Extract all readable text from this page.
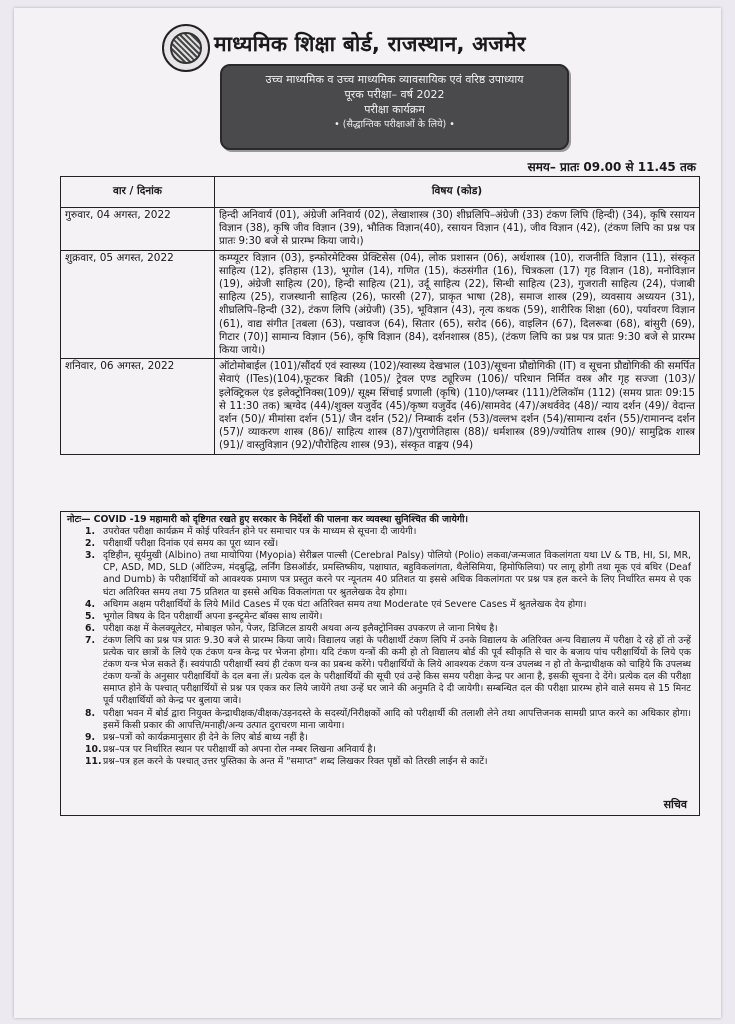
माध्यमिक शिक्षा बोर्ड, राजस्थान, अजमेर
उच्च माध्यमिक व उच्च माध्यमिक व्यावसायिक एवं वरिष्ठ उपाध्याय
पूरक परीक्षा– वर्ष 2022
परीक्षा कार्यक्रम
• (सैद्धान्तिक परीक्षाओं के लिये) •
समय– प्रातः 09.00 से 11.45 तक
वार / दिनांक	विषय (कोड)
गुरुवार, 04 अगस्त, 2022	हिन्दी अनिवार्य (01), अंग्रेजी अनिवार्य (02), लेखाशास्त्र (30) शीघ्रलिपि–अंग्रेजी (33) टंकण लिपि (हिन्दी) (34), कृषि रसायन विज्ञान (38), कृषि जीव विज्ञान (39), भौतिक विज्ञान(40), रसायन विज्ञान (41), जीव विज्ञान (42), (टंकण लिपि का प्रश्न पत्र प्रातः 9:30 बजे से प्रारम्भ किया जाये।)
शुक्रवार, 05 अगस्त, 2022	कम्प्यूटर विज्ञान (03), इन्फोरमेटिक्स प्रेक्टिसेस (04), लोक प्रशासन (06), अर्थशास्त्र (10), राजनीति विज्ञान (11), संस्कृत साहित्य (12), इतिहास (13), भूगोल (14), गणित (15), कंठसंगीत (16), चित्रकला (17) गृह विज्ञान (18), मनोविज्ञान (19), अंग्रेजी साहित्य (20), हिन्दी साहित्य (21), उर्दू साहित्य (22), सिन्धी साहित्य (23), गुजराती साहित्य (24), पंजाबी साहित्य (25), राजस्थानी साहित्य (26), फारसी (27), प्राकृत भाषा (28), समाज शास्त्र (29), व्यवसाय अध्ययन (31), शीघ्रलिपि–हिन्दी (32), टंकण लिपि (अंग्रेजी) (35), भूविज्ञान (43), नृत्य कथक (59), शारीरिक शिक्षा (60), पर्यावरण विज्ञान (61), वाद्य संगीत [तबला (63), पखावज (64), सितार (65), सरोद (66), वाइलिन (67), दिलरूबा (68), बांसुरी (69), गिटार (70)] सामान्य विज्ञान (56), कृषि विज्ञान (84), दर्शनशास्त्र (85), (टंकण लिपि का प्रश्न पत्र प्रातः 9:30 बजे से प्रारम्भ किया जाये।)
शनिवार, 06 अगस्त, 2022	ऑटोमोबाईल (101)/सौंदर्य एवं स्वास्थ्य (102)/स्वास्थ्य देखभाल (103)/सूचना प्रौद्योगिकी (IT) व सूचना प्रौद्योगिकी की समर्पित सेवाएं (ITes)(104),फूटकर बिक्री (105)/ ट्रेवल एण्ड ट्यूरिज्म (106)/ परिधान निर्मित वस्त्र और गृह सज्जा (103)/इलेक्ट्रिकल एंड इलेक्ट्रोनिक्स(109)/ सूक्ष्म सिंचाई प्रणाली (कृषि) (110)/प्लम्बर (111)/टेलिकॉम (112) (समय प्रातः 09:15 से 11:30 तक) ऋग्वेद (44)/शुक्ल यजुर्वेद (45)/कृष्ण यजुर्वेद (46)/सामवेद (47)/अथर्ववेद (48)/ न्याय दर्शन (49)/ वेदान्त दर्शन (50)/ मीमांसा दर्शन (51)/ जैन दर्शन (52)/ निम्बार्क दर्शन (53)/वल्लभ दर्शन (54)/सामान्य दर्शन (55)/रामानन्द दर्शन (57)/ व्याकरण शास्त्र (86)/ साहित्य शास्त्र (87)/पुराणेतिहास (88)/ धर्मशास्त्र (89)/ज्योतिष शास्त्र (90)/ सामुद्रिक शास्त्र (91)/ वास्तुविज्ञान (92)/पौरोहित्य शास्त्र (93), संस्कृत वाङ्मय (94)
नोटः— COVID -19 महामारी को दृष्टिगत रखते हुए सरकार के निर्देशों की पालना कर व्यवस्था सुनिश्चित की जायेगी।
1. उपरोक्त परीक्षा कार्यक्रम में कोई परिवर्तन होने पर समाचार पत्र के माध्यम से सूचना दी जायेगी।
2. परीक्षार्थी परीक्षा दिनांक एवं समय का पूरा ध्यान रखें।
3. दृष्टिहीन, सूर्यमुखी (Albino) तथा मायोपिया (Myopia) सेरीब्रल पाल्सी (Cerebral Palsy) पोलियो (Polio) लकवा/जन्मजात विकलांगता यथा LV & TB, HI, SI, MR, CP, ASD, MD, SLD (ऑटिज्म, मंदबुद्धि, लर्निंग डिसऑर्डर, प्रमस्तिष्कीय, पक्षाघात, बहुविकलांगता, थैलेसिमिया, हिमोफिलिया) पर लागू होगी तथा मूक एवं बधिर (Deaf and Dumb) के परीक्षार्थियों को आवश्यक प्रमाण पत्र प्रस्तुत करने पर न्यूनतम 40 प्रतिशत या इससे अधिक विकलांगता पर प्रश्न पत्र हल करने के लिए निर्धारित समय से एक घंटा अतिरिक्त समय तथा 75 प्रतिशत या इससे अधिक विकलांगता पर श्रुतलेखक देय होगा।
4. अधिगम अक्षम परीक्षार्थियों के लिये Mild Cases में एक घंटा अतिरिक्त समय तथा Moderate एवं Severe Cases में श्रुतलेखक देय होगा।
5. भूगोल विषय के दिन परीक्षार्थी अपना इन्स्ट्रूमेन्ट बॉक्स साथ लायेंगे।
6. परीक्षा कक्ष में केलक्यूलेटर, मोबाइल फोन, पेजर, डिजिटल डायरी अथवा अन्य इलैक्ट्रोनिक्स उपकरण ले जाना निषेध है।
7. टंकण लिपि का प्रश्न पत्र प्रातः 9.30 बजे से प्रारम्भ किया जाये। विद्यालय जहां के परीक्षार्थी टंकण लिपि में उनके विद्यालय के अतिरिक्त अन्य विद्यालय में परीक्षा दे रहे हों तो उन्हें प्रत्येक चार छात्रों के लिये एक टंकण यन्त्र केन्द्र पर भेजना होगा। यदि टंकण यन्त्रों की कमी हो तो विद्यालय बोर्ड की पूर्व स्वीकृति से चार के बजाय पांच परीक्षार्थियों के लिये एक टंकण यन्त्र भेज सकते हैं। स्वयंपाठी परीक्षार्थी स्वयं ही टंकण यन्त्र का प्रबन्ध करेंगे। परीक्षार्थियों के लिये आवश्यक टंकण यन्त्र उपलब्ध न हो तो केन्द्राधीक्षक को चाहिये कि उपलब्ध टंकण यन्त्रों के अनुसार परीक्षार्थियों के दल बना लें। प्रत्येक दल के परीक्षार्थियों की सूची एवं उन्हे किस समय परीक्षा केन्द्र पर आना है, इसकी सूचना दे देंगे। प्रत्येक दल की परीक्षा समाप्त होने के पश्चात् परीक्षार्थियों से प्रश्न पत्र एकत्र कर लिये जायेंगे तथा उन्हें घर जाने की अनुमति दे दी जायेगी। सम्बन्धित दल की परीक्षा प्रारम्भ होने वाले समय से 15 मिनट पूर्व परीक्षार्थियों को केन्द्र पर बुलाया जावे।
8. परीक्षा भवन में बोर्ड द्वारा नियुक्त केन्द्राधीक्षक/वीक्षक/उड़नदस्ते के सदस्यों/निरीक्षकों आदि को परीक्षार्थी की तलाशी लेने तथा आपत्तिजनक सामग्री प्राप्त करने का अधिकार होगा। इसमें किसी प्रकार की आपत्ति/मनाही/अन्य उत्पात दुराचरण माना जायेगा।
9. प्रश्न–पत्रों को कार्यक्रमानुसार ही देने के लिए बोर्ड बाध्य नहीं है।
10. प्रश्न–पत्र पर निर्धारित स्थान पर परीक्षार्थी को अपना रोल नम्बर लिखना अनिवार्य है।
11. प्रश्न–पत्र हल करने के पश्चात् उत्तर पुस्तिका के अन्त में "समाप्त" शब्द लिखकर रिक्त पृष्ठों को तिरछी लाईन से काटें।
सचिव
